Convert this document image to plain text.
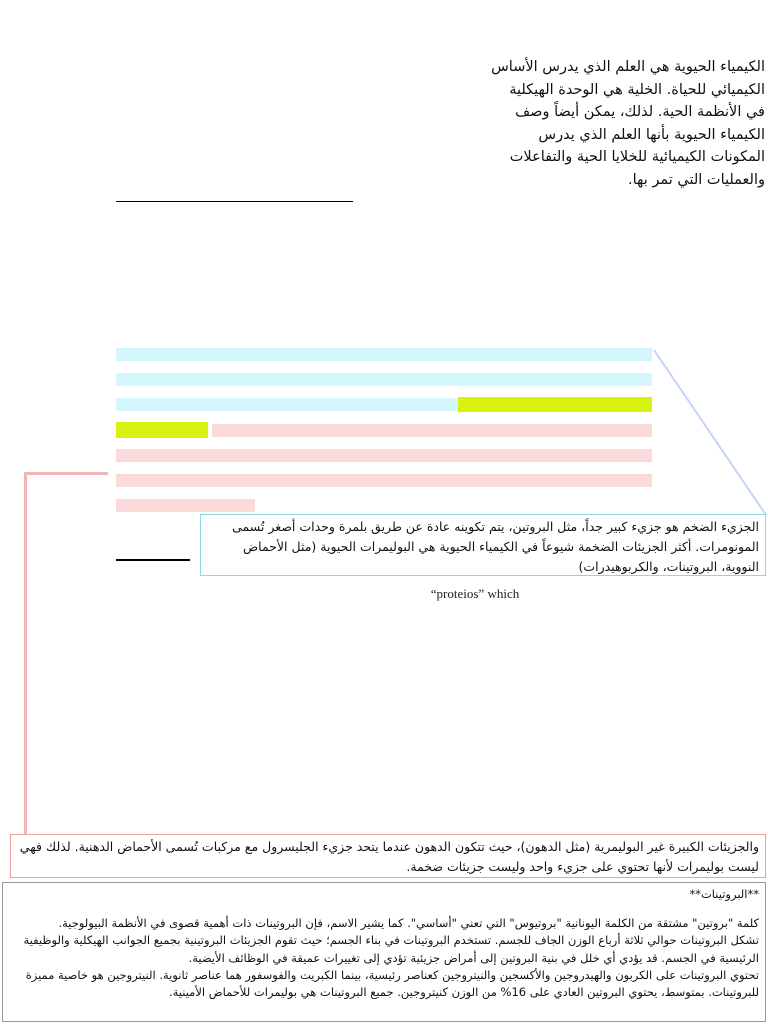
الكيمياء الحيوية هي العلم الذي يدرس الأساس
الكيميائي للحياة. الخلية هي الوحدة الهيكلية
في الأنظمة الحية. لذلك، يمكن أيضاً وصف
الكيمياء الحيوية بأنها العلم الذي يدرس
المكونات الكيميائية للخلايا الحية والتفاعلات
والعمليات التي تمر بها.
الجزيء الضخم هو جزيء كبير جداً، مثل البروتين، يتم تكوينه عادة عن طريق بلمرة وحدات أصغر تُسمى المونومرات. أكثر الجزيئات الضخمة شيوعاً في الكيمياء الحيوية هي البوليمرات الحيوية (مثل الأحماض النووية، البروتينات، والكربوهيدرات)
“proteios” which
والجزيئات الكبيرة غير البوليمرية (مثل الدهون)، حيث تتكون الدهون عندما يتحد جزيء الجليسرول مع مركبات تُسمى الأحماض الدهنية. لذلك فهي ليست بوليمرات لأنها تحتوي على جزيء واحد وليست جزيئات ضخمة.
**البروتينات**

كلمة "بروتين" مشتقة من الكلمة اليونانية "بروتيوس" التي تعني "أساسي". كما يشير الاسم، فإن البروتينات ذات أهمية قصوى في الأنظمة البيولوجية.

تشكل البروتينات حوالي ثلاثة أرباع الوزن الجاف للجسم. تستخدم البروتينات في بناء الجسم؛ حيث تقوم الجزيئات البروتينية بجميع الجوانب الهيكلية والوظيفية الرئيسية في الجسم. قد يؤدي أي خلل في بنية البروتين إلى أمراض جزيئية تؤدي إلى تغييرات عميقة في الوظائف الأيضية.

تحتوي البروتينات على الكربون والهيدروجين والأكسجين والنيتروجين كعناصر رئيسية، بينما الكبريت والفوسفور هما عناصر ثانوية. النيتروجين هو خاصية مميزة للبروتينات. بمتوسط، يحتوي البروتين العادي على 16% من الوزن كنيتروجين. جميع البروتينات هي بوليمرات للأحماض الأمينية.
